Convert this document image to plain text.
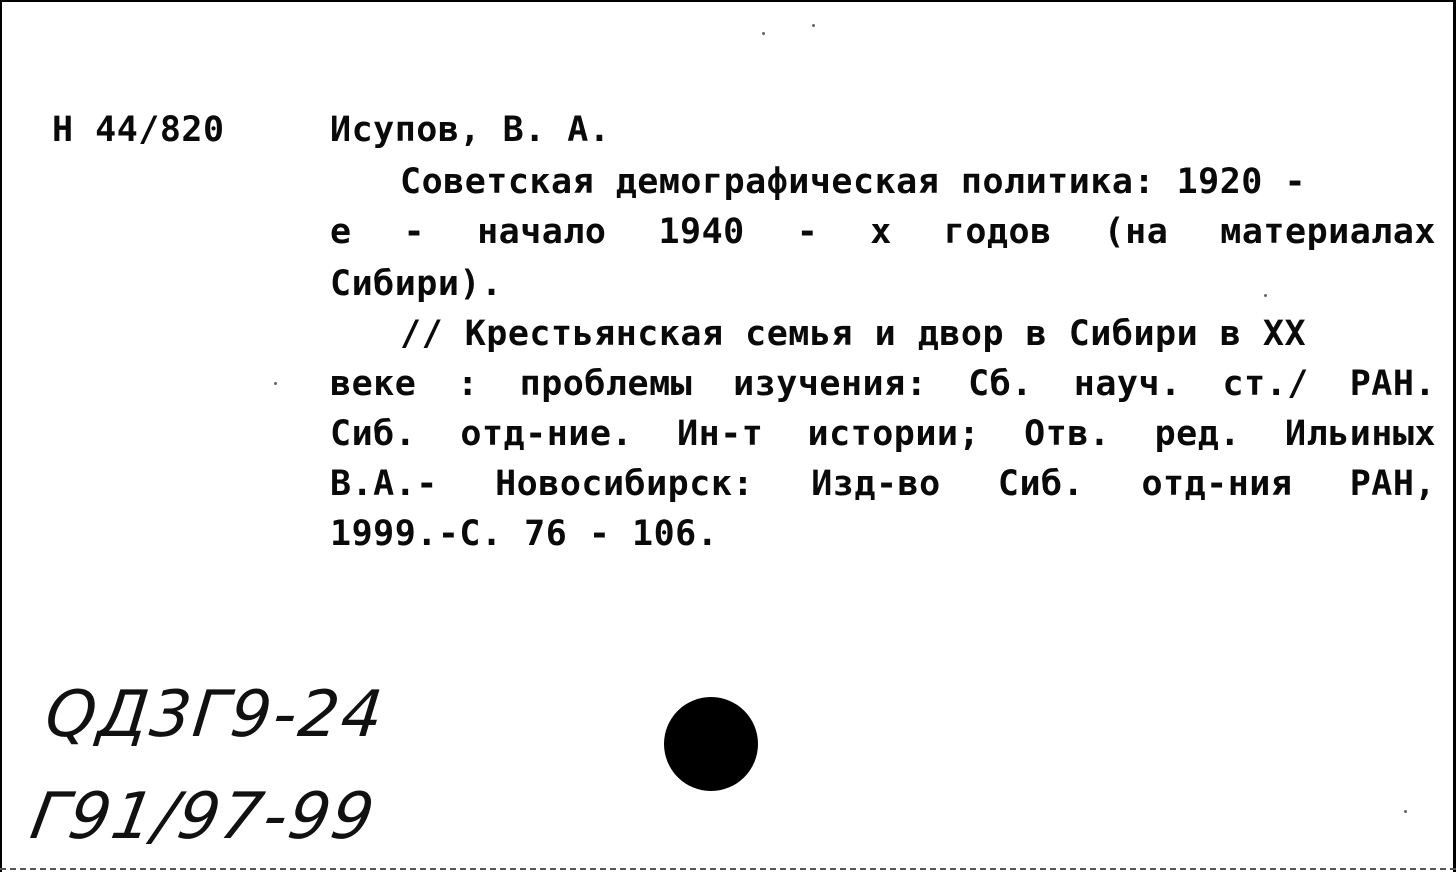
Н 44/820	Исупов, В. А.
Советская демографическая политика: 1920 -
е - начало 1940 - х годов (на материалах
Сибири).
// Крестьянская семья и двор в Сибири в XX
веке : проблемы изучения: Сб. науч. ст./ РАН.
Сиб. отд-ние. Ин-т истории; Отв. ред. Ильиных
В.А.- Новосибирск: Изд-во Сиб. отд-ния РАН,
1999.-С. 76 - 106.
QД3Г9-24
Г91/97-99
